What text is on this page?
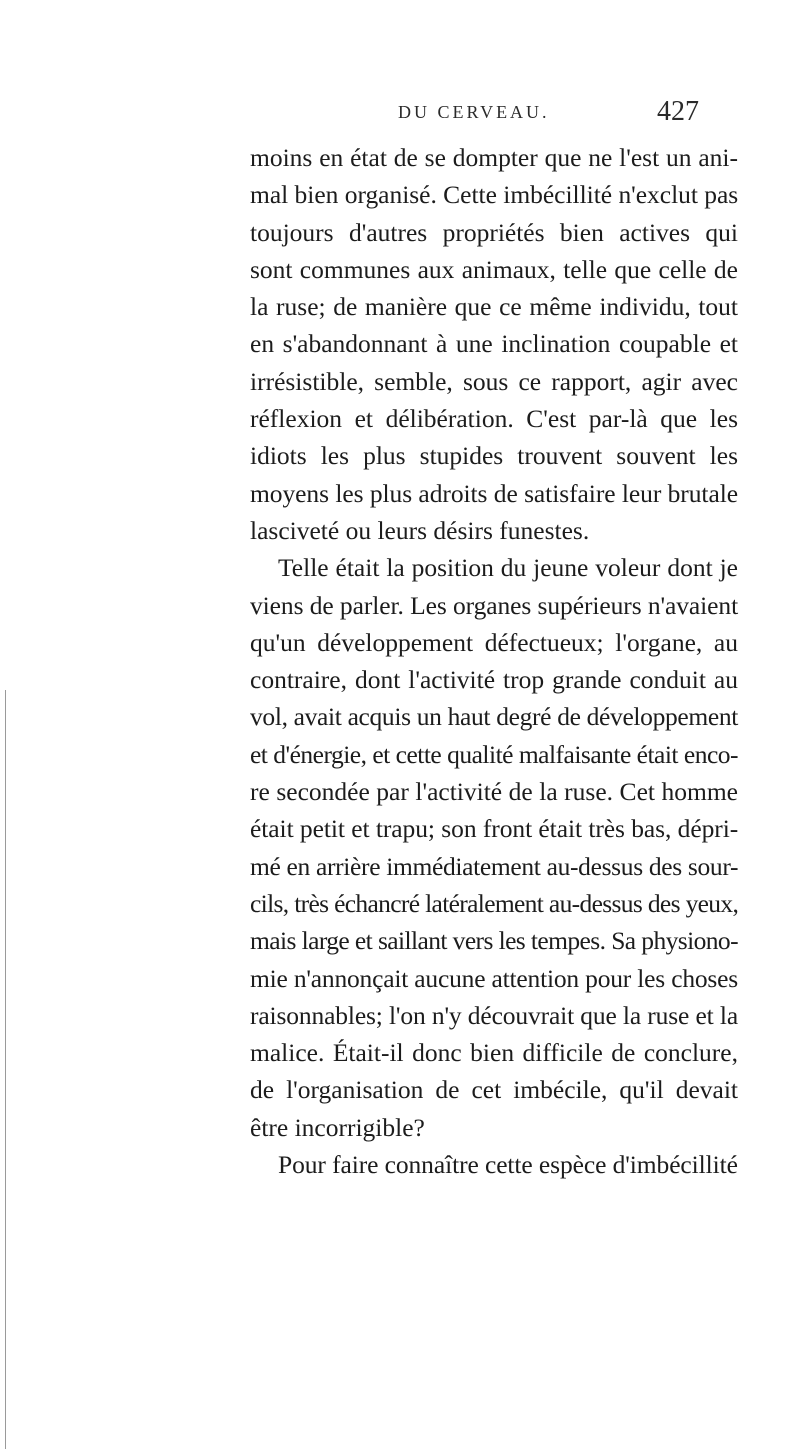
DU CERVEAU.	427
moins en état de se dompter que ne l'est un ani-
mal bien organisé. Cette imbécillité n'exclut pas
toujours d'autres propriétés bien actives qui
sont communes aux animaux, telle que celle de
la ruse; de manière que ce même individu, tout
en s'abandonnant à une inclination coupable et
irrésistible, semble, sous ce rapport, agir avec
réflexion et délibération. C'est par-là que les
idiots les plus stupides trouvent souvent les
moyens les plus adroits de satisfaire leur brutale
lasciveté ou leurs désirs funestes.
Telle était la position du jeune voleur dont je
viens de parler. Les organes supérieurs n'avaient
qu'un développement défectueux; l'organe, au
contraire, dont l'activité trop grande conduit au
vol, avait acquis un haut degré de développement
et d'énergie, et cette qualité malfaisante était enco-
re secondée par l'activité de la ruse. Cet homme
était petit et trapu; son front était très bas, dépri-
mé en arrière immédiatement au-dessus des sour-
cils, très échancré latéralement au-dessus des yeux,
mais large et saillant vers les tempes. Sa physiono-
mie n'annonçait aucune attention pour les choses
raisonnables; l'on n'y découvrait que la ruse et la
malice. Était-il donc bien difficile de conclure,
de l'organisation de cet imbécile, qu'il devait
être incorrigible?
Pour faire connaître cette espèce d'imbécillité
